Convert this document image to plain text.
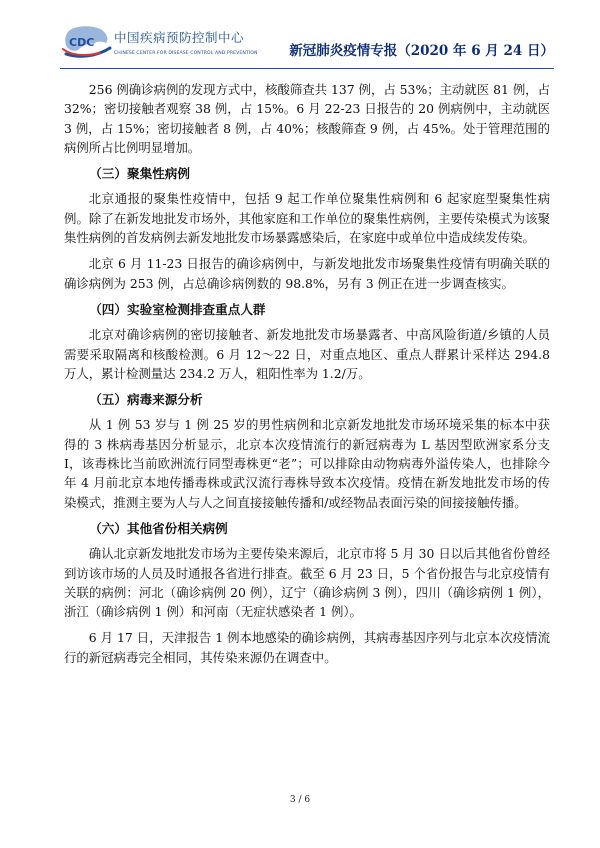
CDC 中国疾病预防控制中心
CHINESE CENTER FOR DISEASE CONTROL AND PREVENTION 新冠肺炎疫情专报（2020 年 6 月 24 日）

256 例确诊病例的发现方式中，核酸筛查共 137 例，占 53%；主动就医 81 例，占 32%；密切接触者观察 38 例，占 15%。6 月 22-23 日报告的 20 例病例中，主动就医 3 例，占 15%；密切接触者 8 例，占 40%；核酸筛查 9 例，占 45%。处于管理范围的病例所占比例明显增加。

（三）聚集性病例

北京通报的聚集性疫情中，包括 9 起工作单位聚集性病例和 6 起家庭型聚集性病例。除了在新发地批发市场外，其他家庭和工作单位的聚集性病例，主要传染模式为该聚集性病例的首发病例去新发地批发市场暴露感染后，在家庭中或单位中造成续发传染。

北京 6 月 11-23 日报告的确诊病例中，与新发地批发市场聚集性疫情有明确关联的确诊病例为 253 例，占总确诊病例数的 98.8%，另有 3 例正在进一步调查核实。

（四）实验室检测排查重点人群

北京对确诊病例的密切接触者、新发地批发市场暴露者、中高风险街道/乡镇的人员需要采取隔离和核酸检测。6 月 12～22 日，对重点地区、重点人群累计采样达 294.8 万人，累计检测量达 234.2 万人，粗阳性率为 1.2/万。

（五）病毒来源分析

从 1 例 53 岁与 1 例 25 岁的男性病例和北京新发地批发市场环境采集的标本中获得的 3 株病毒基因分析显示，北京本次疫情流行的新冠病毒为 L 基因型欧洲家系分支 I，该毒株比当前欧洲流行同型毒株更“老”；可以排除由动物病毒外溢传染人，也排除今年 4 月前北京本地传播毒株或武汉流行毒株导致本次疫情。疫情在新发地批发市场的传染模式，推测主要为人与人之间直接接触传播和/或经物品表面污染的间接接触传播。

（六）其他省份相关病例

确认北京新发地批发市场为主要传染来源后，北京市将 5 月 30 日以后其他省份曾经到访该市场的人员及时通报各省进行排查。截至 6 月 23 日，5 个省份报告与北京疫情有关联的病例：河北（确诊病例 20 例），辽宁（确诊病例 3 例），四川（确诊病例 1 例），浙江（确诊病例 1 例）和河南（无症状感染者 1 例）。

6 月 17 日，天津报告 1 例本地感染的确诊病例，其病毒基因序列与北京本次疫情流行的新冠病毒完全相同，其传染来源仍在调查中。

3 / 6
